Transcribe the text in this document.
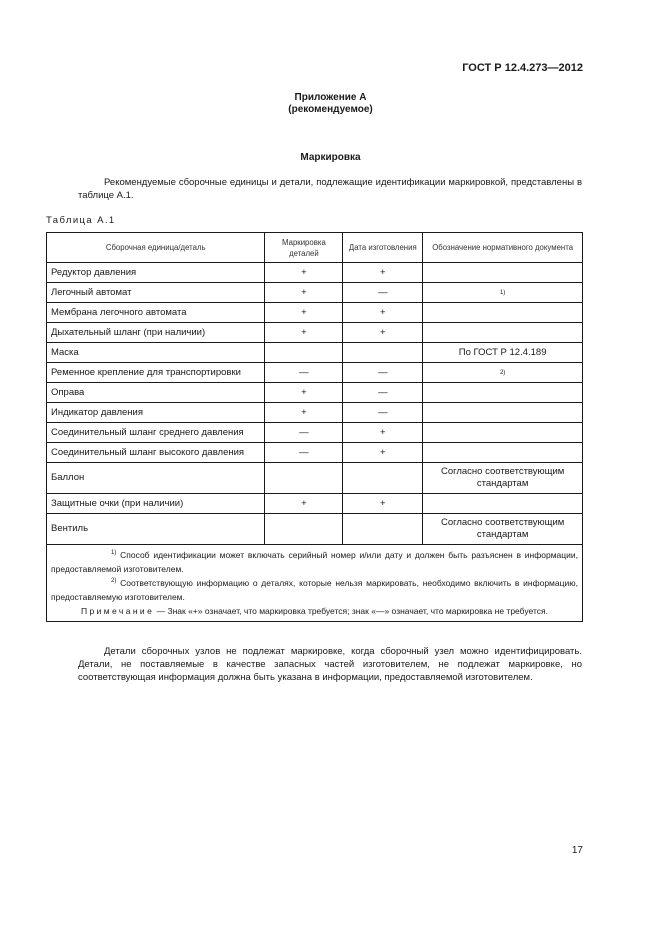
ГОСТ Р 12.4.273—2012
Приложение А
(рекомендуемое)
Маркировка
Рекомендуемые сборочные единицы и детали, подлежащие идентификации маркировкой, представлены в таблице А.1.
Таблица А.1
Сборочная единица/деталь	Маркировка деталей	Дата изготовления	Обозначение нормативного документа
Редуктор давления	+	+	
Легочный автомат	+	—	1)
Мембрана легочного автомата	+	+	
Дыхательный шланг (при наличии)	+	+	
Маска			По ГОСТ Р 12.4.189
Ременное крепление для транспортировки	—	—	2)
Оправа	+	—	
Индикатор давления	+	—	
Соединительный шланг среднего давления	—	+	
Соединительный шланг высокого давления	—	+	
Баллон			Согласно соответствующим стандартам
Защитные очки (при наличии)	+	+	
Вентиль			Согласно соответствующим стандартам

1) Способ идентификации может включать серийный номер и/или дату и должен быть разъяснен в информации, предоставляемой изготовителем.
2) Соответствующую информацию о деталях, которые нельзя маркировать, необходимо включить в информацию, предоставляемую изготовителем.
Примечание — Знак «+» означает, что маркировка требуется; знак «—» означает, что маркировка не требуется.			
Детали сборочных узлов не подлежат маркировке, когда сборочный узел можно идентифицировать. Детали, не поставляемые в качестве запасных частей изготовителем, не подлежат маркировке, но соответствующая информация должна быть указана в информации, предоставляемой изготовителем.
17
